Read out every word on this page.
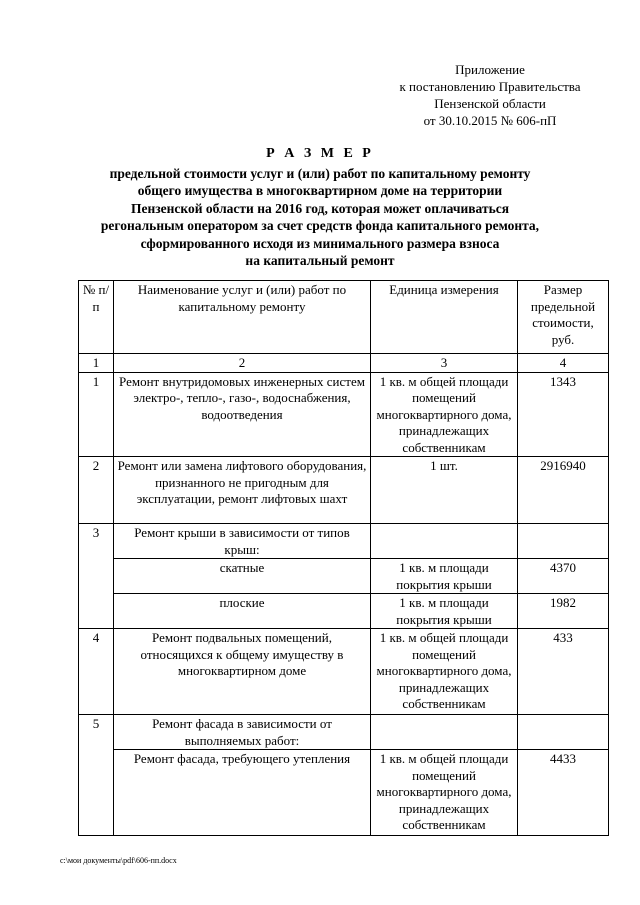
Приложение
к постановлению Правительства
Пензенской области
от 30.10.2015 № 606-пП
Р А З М Е Р
предельной стоимости услуг и (или) работ по капитальному ремонту
общего имущества в многоквартирном доме на территории
Пензенской области на 2016 год, которая может оплачиваться
регональным оператором за счет средств фонда капитального ремонта,
сформированного исходя из минимального размера взноса
на капитальный ремонт
№ п/п	Наименование услуг и (или) работ по капитальному ремонту	Единица измерения	Размер предельной стоимости, руб.
1	2	3	4
1	Ремонт внутридомовых инженерных систем электро-, тепло-, газо-, водоснабжения, водоотведения	1 кв. м общей площади помещений многоквартирного дома, принадлежащих собственникам	1343
2	Ремонт или замена лифтового оборудования, признанного не пригодным для эксплуатации, ремонт лифтовых шахт	1 шт.	2916940
3	Ремонт крыши в зависимости от типов крыш:		
	скатные	1 кв. м площади покрытия крыши	4370
	плоские	1 кв. м площади покрытия крыши	1982
4	Ремонт подвальных помещений, относящихся к общему имуществу в многоквартирном доме	1 кв. м общей площади помещений многоквартирного дома, принадлежащих собственникам	433
5	Ремонт фасада в зависимости от выполняемых работ:		
	Ремонт фасада, требующего утепления	1 кв. м общей площади помещений многоквартирного дома, принадлежащих собственникам	4433
c:\мои документы\pdf\606-пп.docx
